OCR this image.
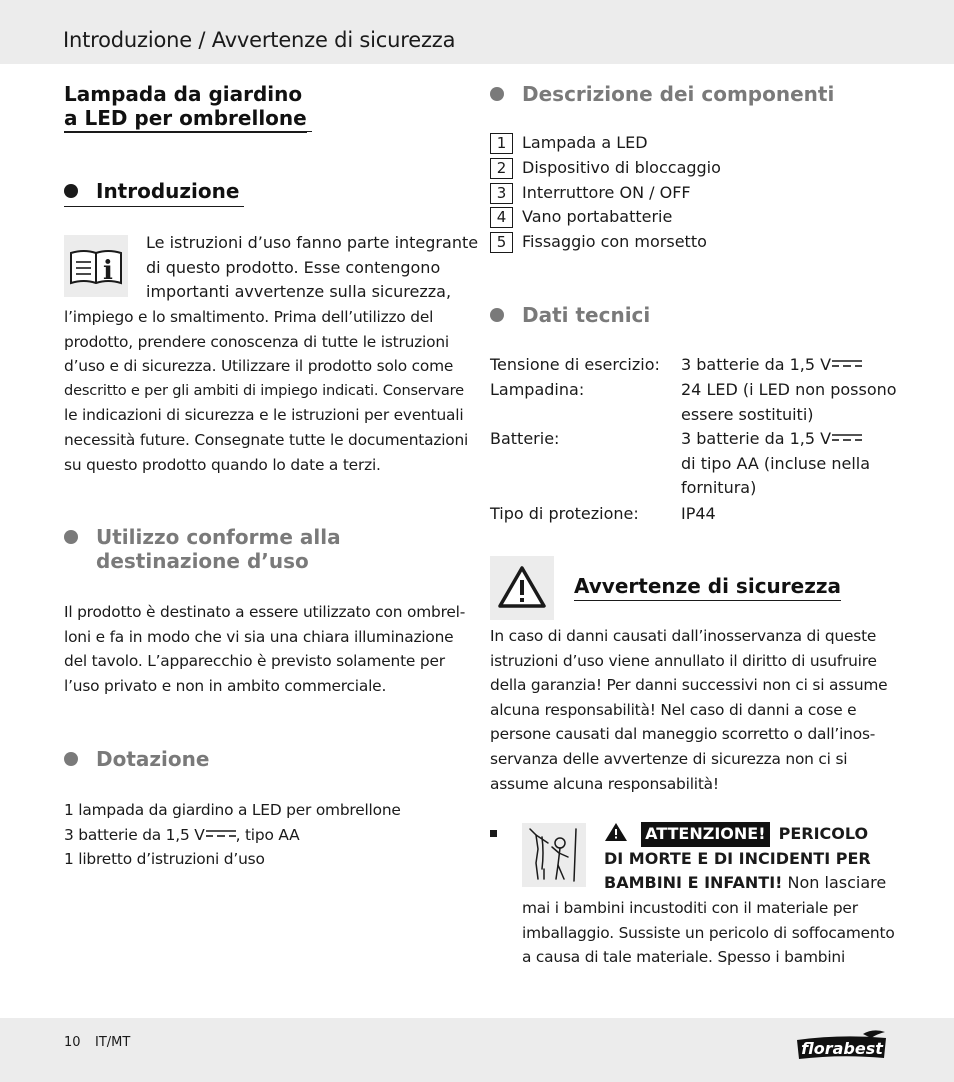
Introduzione / Avvertenze di sicurezza
Lampada da giardino
a LED per ombrellone
Introduzione
i
Le istruzioni d’uso fanno parte integrante
di questo prodotto. Esse contengono
importanti avvertenze sulla sicurezza,
l’impiego e lo smaltimento. Prima dell’utilizzo del
prodotto, prendere conoscenza di tutte le istruzioni
d’uso e di sicurezza. Utilizzare il prodotto solo come
descritto e per gli ambiti di impiego indicati. Conservare
le indicazioni di sicurezza e le istruzioni per eventuali
necessità future. Consegnate tutte le documentazioni
su questo prodotto quando lo date a terzi.
Utilizzo conforme alla
destinazione d’uso
Il prodotto è destinato a essere utilizzato con ombrel-
loni e fa in modo che vi sia una chiara illuminazione
del tavolo. L’apparecchio è previsto solamente per
l’uso privato e non in ambito commerciale.
Dotazione
1 lampada da giardino a LED per ombrellone
3 batterie da 1,5 V , tipo AA
1 libretto d’istruzioni d’uso
Descrizione dei componenti
1 Lampada a LED
2 Dispositivo di bloccaggio
3 Interruttore ON / OFF
4 Vano portabatterie
5 Fissaggio con morsetto
Dati tecnici
Tensione di esercizio: 3 batterie da 1,5 V
Lampadina:	24 LED (i LED non possono
essere sostituiti)
Batterie:	3 batterie da 1,5 V
di tipo AA (incluse nella
fornitura)
Tipo di protezione:	IP44
Avvertenze di sicurezza
In caso di danni causati dall’inosservanza di queste
istruzioni d’uso viene annullato il diritto di usufruire
della garanzia! Per danni successivi non ci si assume
alcuna responsabilità! Nel caso di danni a cose e
persone causati dal maneggio scorretto o dall’inos-
servanza delle avvertenze di sicurezza non ci si
assume alcuna responsabilità!
ATTENZIONE! PERICOLO
DI MORTE E DI INCIDENTI PER
BAMBINI E INFANTI! Non lasciare
mai i bambini incustoditi con il materiale per
imballaggio. Sussiste un pericolo di soffocamento
a causa di tale materiale. Spesso i bambini
10 IT/MT	florabest
